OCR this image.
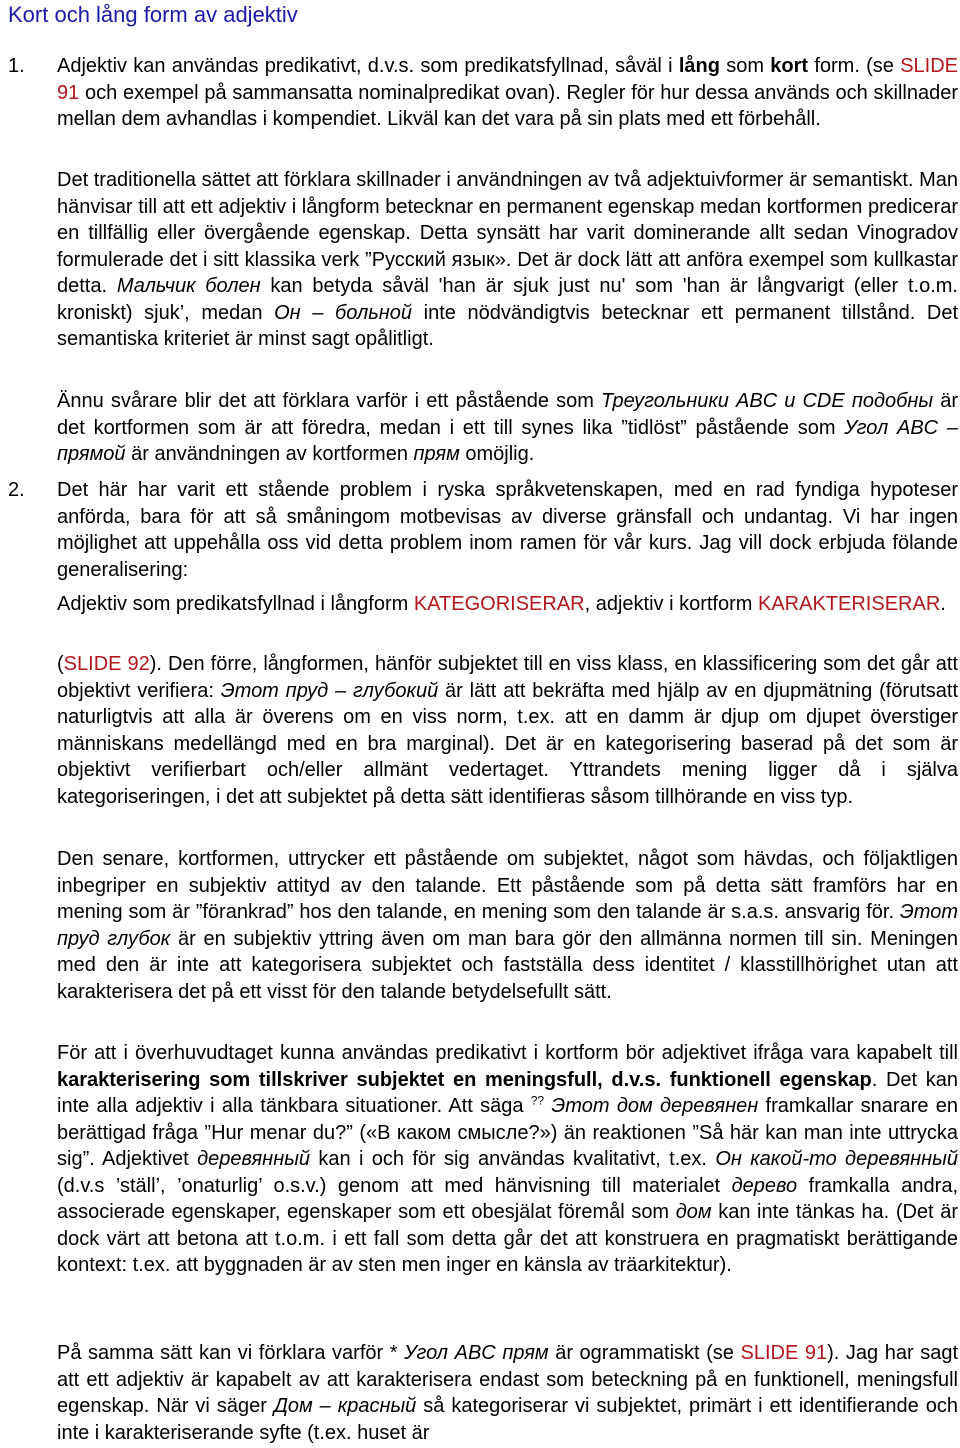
Kort och lång form av adjektiv
1. Adjektiv kan användas predikativt, d.v.s. som predikatsfyllnad, såväl i lång som kort form. (se SLIDE 91 och exempel på sammansatta nominalpredikat ovan). Regler för hur dessa används och skillnader mellan dem avhandlas i kompendiet. Likväl kan det vara på sin plats med ett förbehåll.

Det traditionella sättet att förklara skillnader i användningen av två adjektuivformer är semantiskt. Man hänvisar till att ett adjektiv i långform betecknar en permanent egenskap medan kortformen predicerar en tillfällig eller övergående egenskap. Detta synsätt har varit dominerande allt sedan Vinogradov formulerade det i sitt klassika verk ”Русский язык». Det är dock lätt att anföra exempel som kullkastar detta. Мальчик болен kan betyda såväl 'han är sjuk just nu' som 'han är långvarigt (eller t.o.m. kroniskt) sjuk’, medan Он – больной inte nödvändigtvis betecknar ett permanent tillstånd. Det semantiska kriteriet är minst sagt opålitligt.

Ännu svårare blir det att förklara varför i ett påstående som Треугольники ABC и CDE подобны är det kortformen som är att föredra, medan i ett till synes lika ”tidlöst” påstående som Угол ABC – прямой är användningen av kortformen прям omöjlig.

2. Det här har varit ett stående problem i ryska språkvetenskapen, med en rad fyndiga hypoteser anförda, bara för att så småningom motbevisas av diverse gränsfall och undantag. Vi har ingen möjlighet att uppehålla oss vid detta problem inom ramen för vår kurs. Jag vill dock erbjuda fölande generalisering:

Adjektiv som predikatsfyllnad i långform KATEGORISERAR, adjektiv i kortform KARAKTERISERAR.

(SLIDE 92). Den förre, långformen, hänför subjektet till en viss klass, en klassificering som det går att objektivt verifiera: Этот пруд – глубокий är lätt att bekräfta med hjälp av en djupmätning (förutsatt naturligtvis att alla är överens om en viss norm, t.ex. att en damm är djup om djupet överstiger människans medellängd med en bra marginal). Det är en kategorisering baserad på det som är objektivt verifierbart och/eller allmänt vedertaget. Yttrandets mening ligger då i själva kategoriseringen, i det att subjektet på detta sätt identifieras såsom tillhörande en viss typ.

Den senare, kortformen, uttrycker ett påstående om subjektet, något som hävdas, och följaktligen inbegriper en subjektiv attityd av den talande. Ett påstående som på detta sätt framförs har en mening som är ”förankrad” hos den talande, en mening som den talande är s.a.s. ansvarig för. Этот пруд глубок är en subjektiv yttring även om man bara gör den allmänna normen till sin. Meningen med den är inte att kategorisera subjektet och fastställa dess identitet / klasstillhörighet utan att karakterisera det på ett visst för den talande betydelsefullt sätt.

För att i överhuvudtaget kunna användas predikativt i kortform bör adjektivet ifråga vara kapabelt till karakterisering som tillskriver subjektet en meningsfull, d.v.s. funktionell egenskap. Det kan inte alla adjektiv i alla tänkbara situationer. Att säga ?? Этот дом деревянен framkallar snarare en berättigad fråga ”Hur menar du?” («В каком смысле?») än reaktionen ”Så här kan man inte uttrycka sig”. Adjektivet деревянный kan i och för sig användas kvalitativt, t.ex. Он какой-то деревянный (d.v.s ’ställ’, ’onaturlig’ o.s.v.) genom att med hänvisning till materialet дерево framkalla andra, associerade egenskaper, egenskaper som ett obesjälat föremål som дом kan inte tänkas ha. (Det är dock värt att betona att t.o.m. i ett fall som detta går det att konstruera en pragmatiskt berättigande kontext: t.ex. att byggnaden är av sten men inger en känsla av träarkitektur).

På samma sätt kan vi förklara varför * Угол ABC прям är ogrammatiskt (se SLIDE 91). Jag har sagt att ett adjektiv är kapabelt av att karakterisera endast som beteckning på en funktionell, meningsfull egenskap. När vi säger Дом – красный så kategoriserar vi subjektet, primärt i ett identifierande och inte i karakteriserande syfte (t.ex. huset är
